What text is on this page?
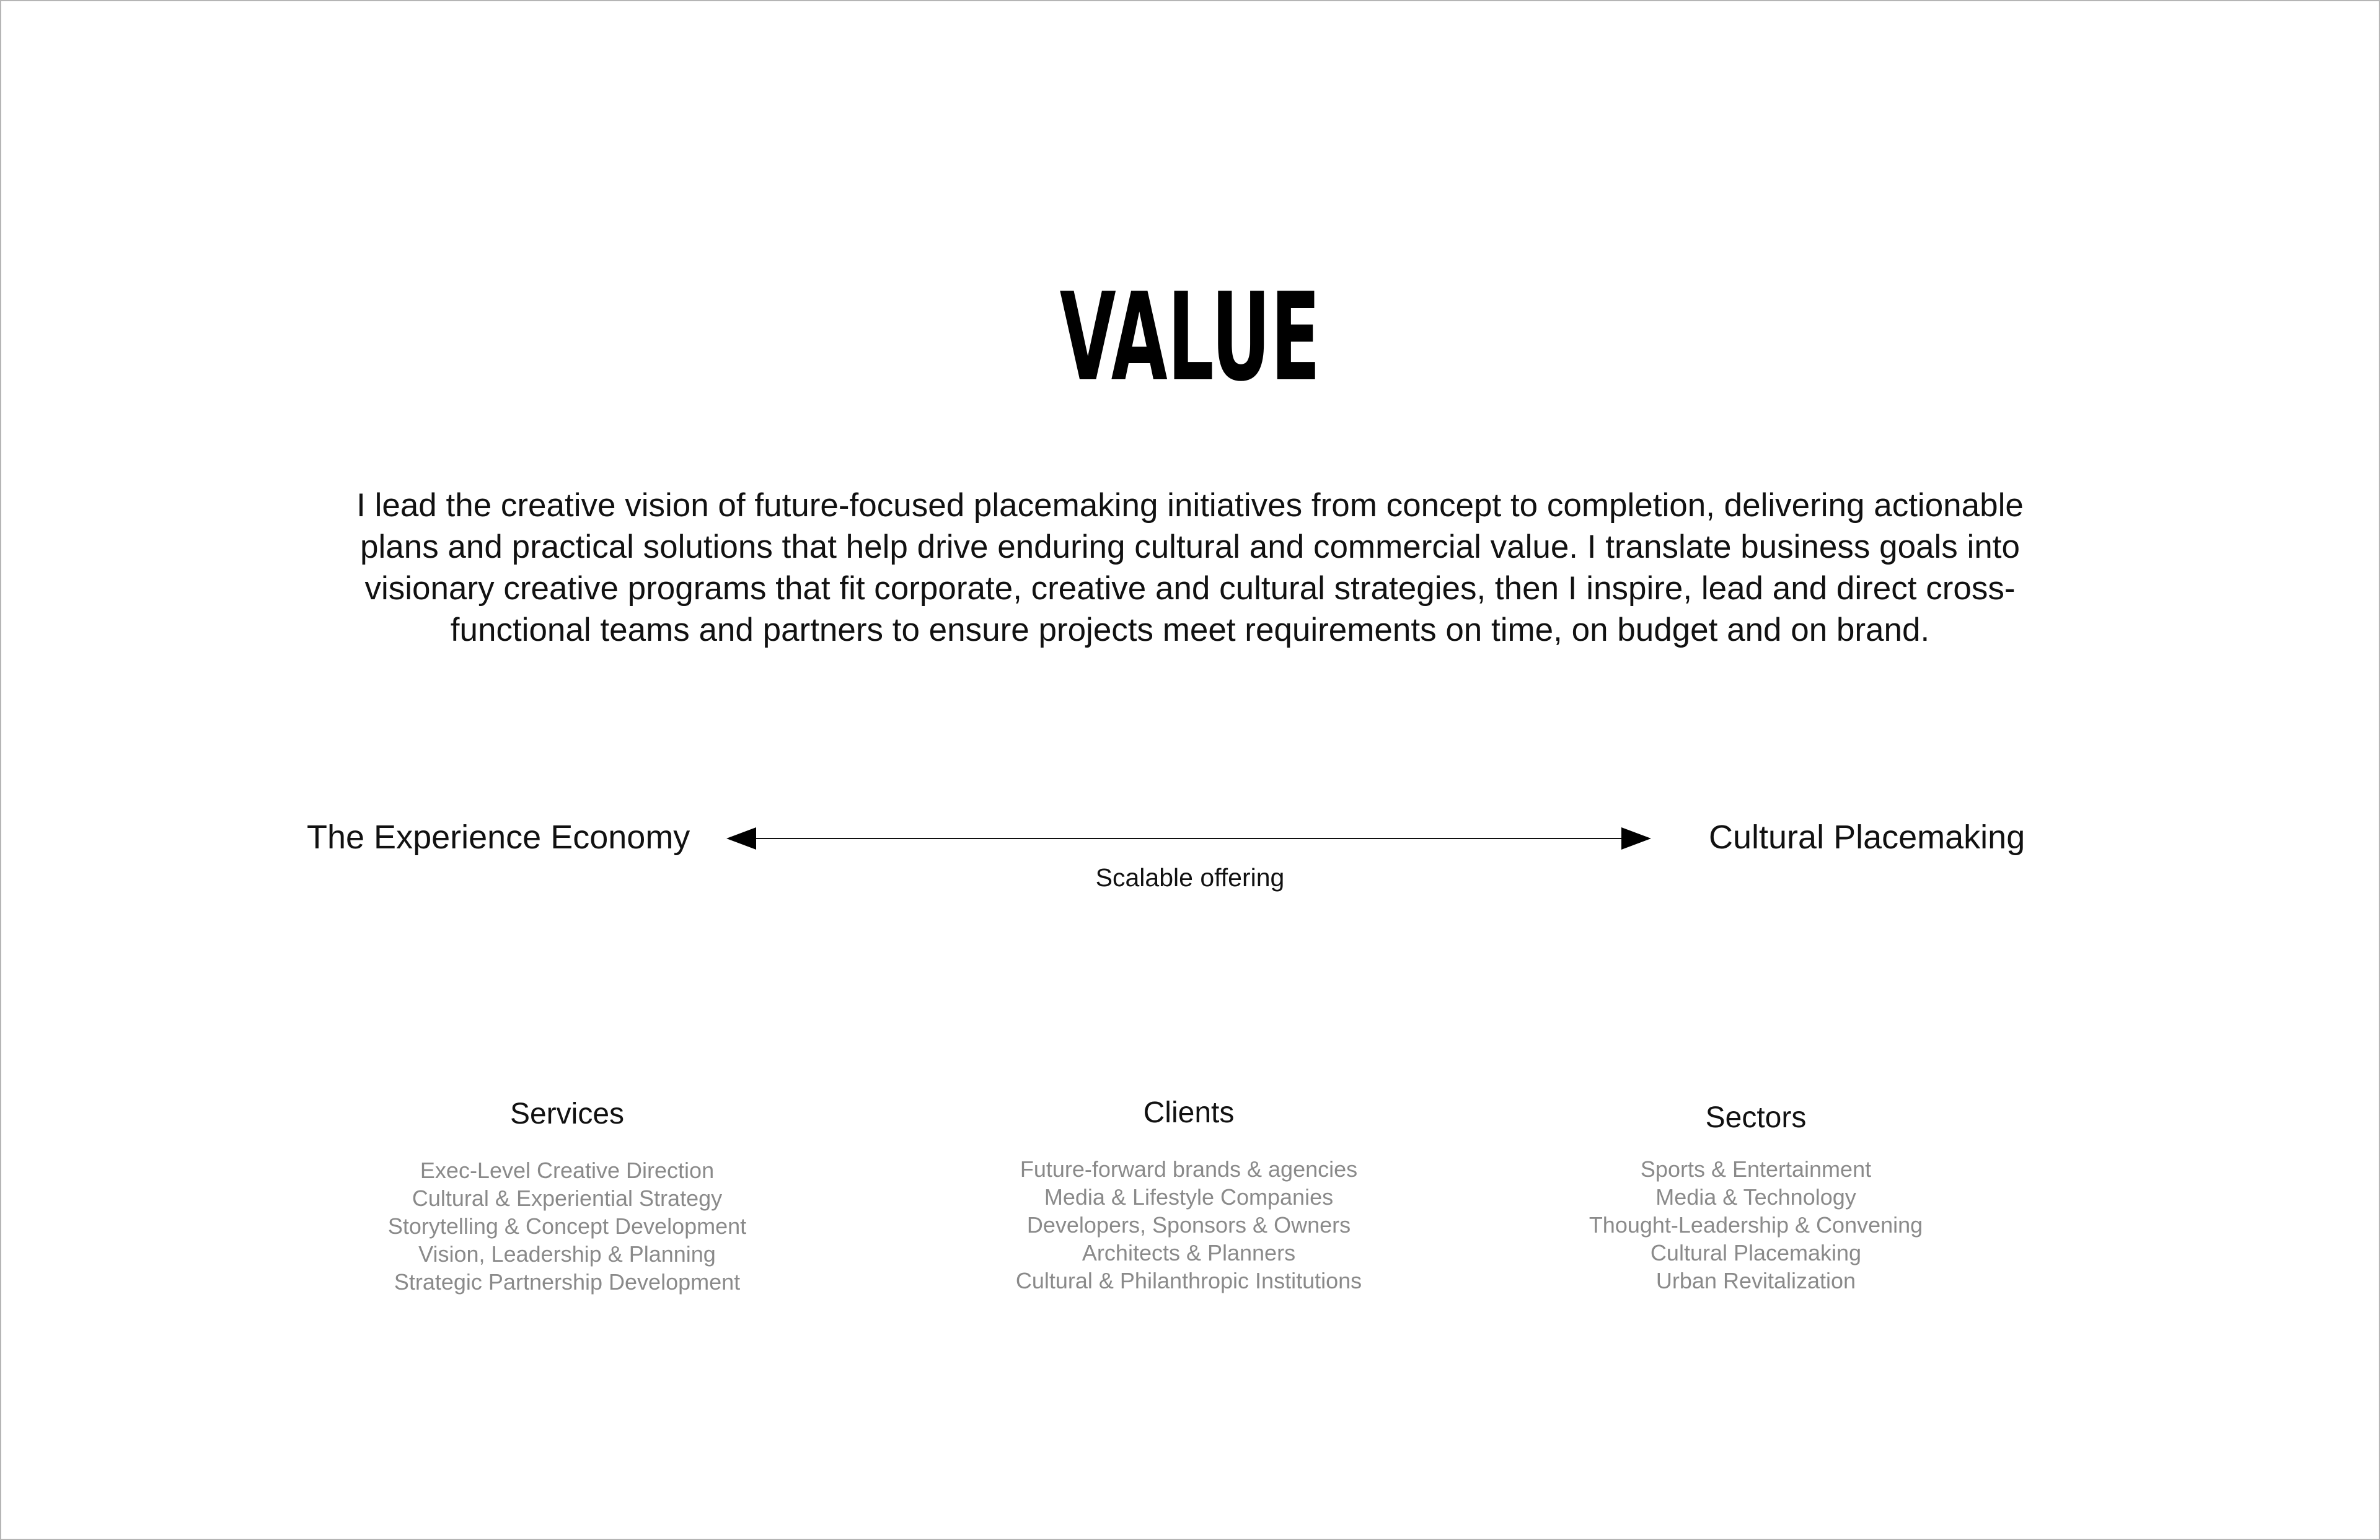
VALUE

I lead the creative vision of future-focused placemaking initiatives from concept to completion, delivering actionable plans and practical solutions that help drive enduring cultural and commercial value. I translate business goals into visionary creative programs that fit corporate, creative and cultural strategies, then I inspire, lead and direct cross-functional teams and partners to ensure projects meet requirements on time, on budget and on brand.

The Experience Economy	Cultural Placemaking
Scalable offering
Services
Exec-Level Creative Direction
Cultural & Experiential Strategy
Storytelling & Concept Development
Vision, Leadership & Planning
Strategic Partnership Development
Clients
Future-forward brands & agencies
Media & Lifestyle Companies
Developers, Sponsors & Owners
Architects & Planners
Cultural & Philanthropic Institutions
Sectors
Sports & Entertainment
Media & Technology
Thought-Leadership & Convening
Cultural Placemaking
Urban Revitalization
